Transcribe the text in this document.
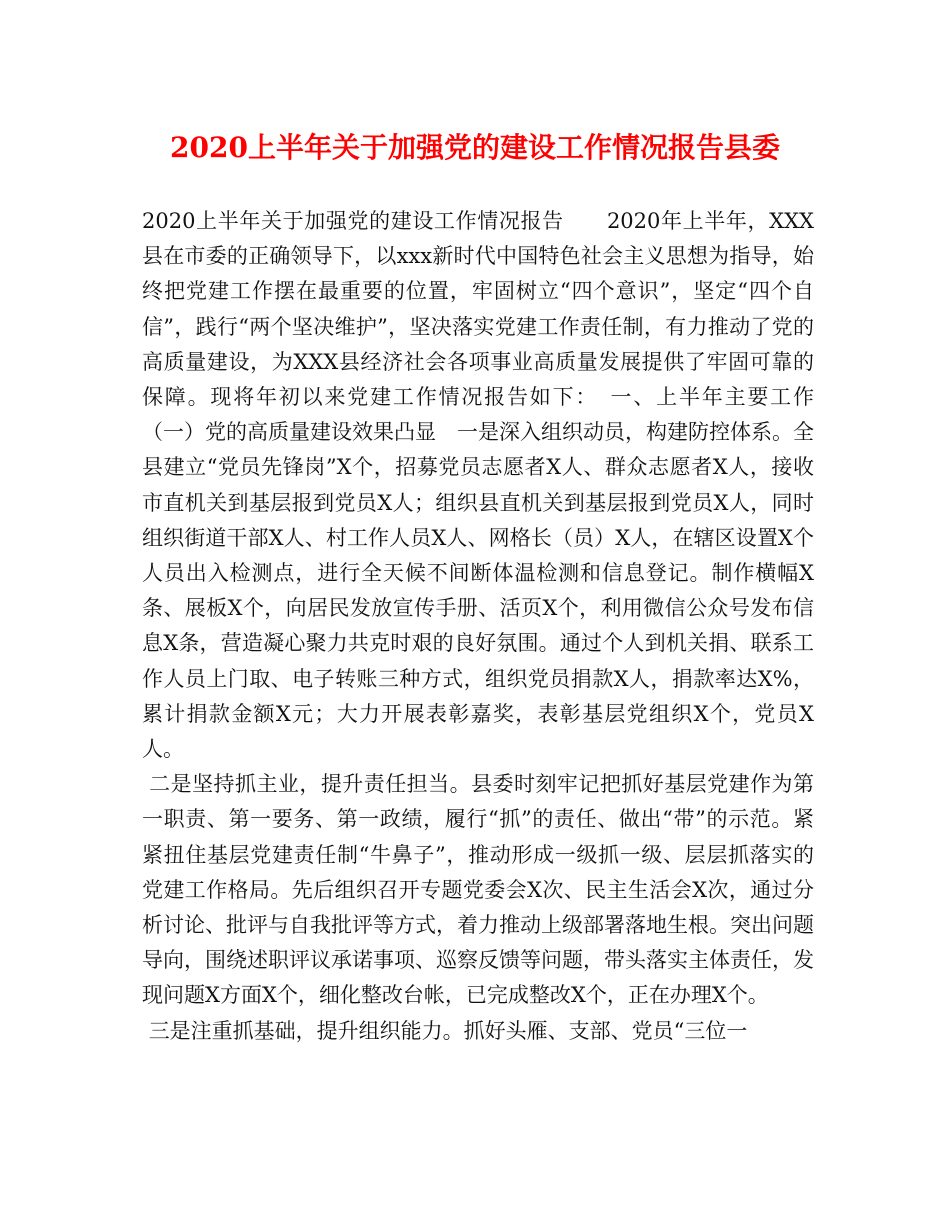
2020上半年关于加强党的建设工作情况报告县委

2020上半年关于加强党的建设工作情况报告　　2020年上半年，XXX县在市委的正确领导下，以xxx新时代中国特色社会主义思想为指导，始终把党建工作摆在最重要的位置，牢固树立“四个意识”，坚定“四个自信”，践行“两个坚决维护”，坚决落实党建工作责任制，有力推动了党的高质量建设，为XXX县经济社会各项事业高质量发展提供了牢固可靠的保障。现将年初以来党建工作情况报告如下：　一、上半年主要工作　（一）党的高质量建设效果凸显　一是深入组织动员，构建防控体系。全县建立“党员先锋岗”X个，招募党员志愿者X人、群众志愿者X人，接收市直机关到基层报到党员X人；组织县直机关到基层报到党员X人，同时组织街道干部X人、村工作人员X人、网格长（员）X人，在辖区设置X个人员出入检测点，进行全天候不间断体温检测和信息登记。制作横幅X条、展板X个，向居民发放宣传手册、活页X个，利用微信公众号发布信息X条，营造凝心聚力共克时艰的良好氛围。通过个人到机关捐、联系工作人员上门取、电子转账三种方式，组织党员捐款X人，捐款率达X%，累计捐款金额X元；大力开展表彰嘉奖，表彰基层党组织X个，党员X人。

二是坚持抓主业，提升责任担当。县委时刻牢记把抓好基层党建作为第一职责、第一要务、第一政绩，履行“抓”的责任、做出“带”的示范。紧紧扭住基层党建责任制“牛鼻子”，推动形成一级抓一级、层层抓落实的党建工作格局。先后组织召开专题党委会X次、民主生活会X次，通过分析讨论、批评与自我批评等方式，着力推动上级部署落地生根。突出问题导向，围绕述职评议承诺事项、巡察反馈等问题，带头落实主体责任，发现问题X方面X个，细化整改台帐，已完成整改X个，正在办理X个。

三是注重抓基础，提升组织能力。抓好头雁、支部、党员“三位一
